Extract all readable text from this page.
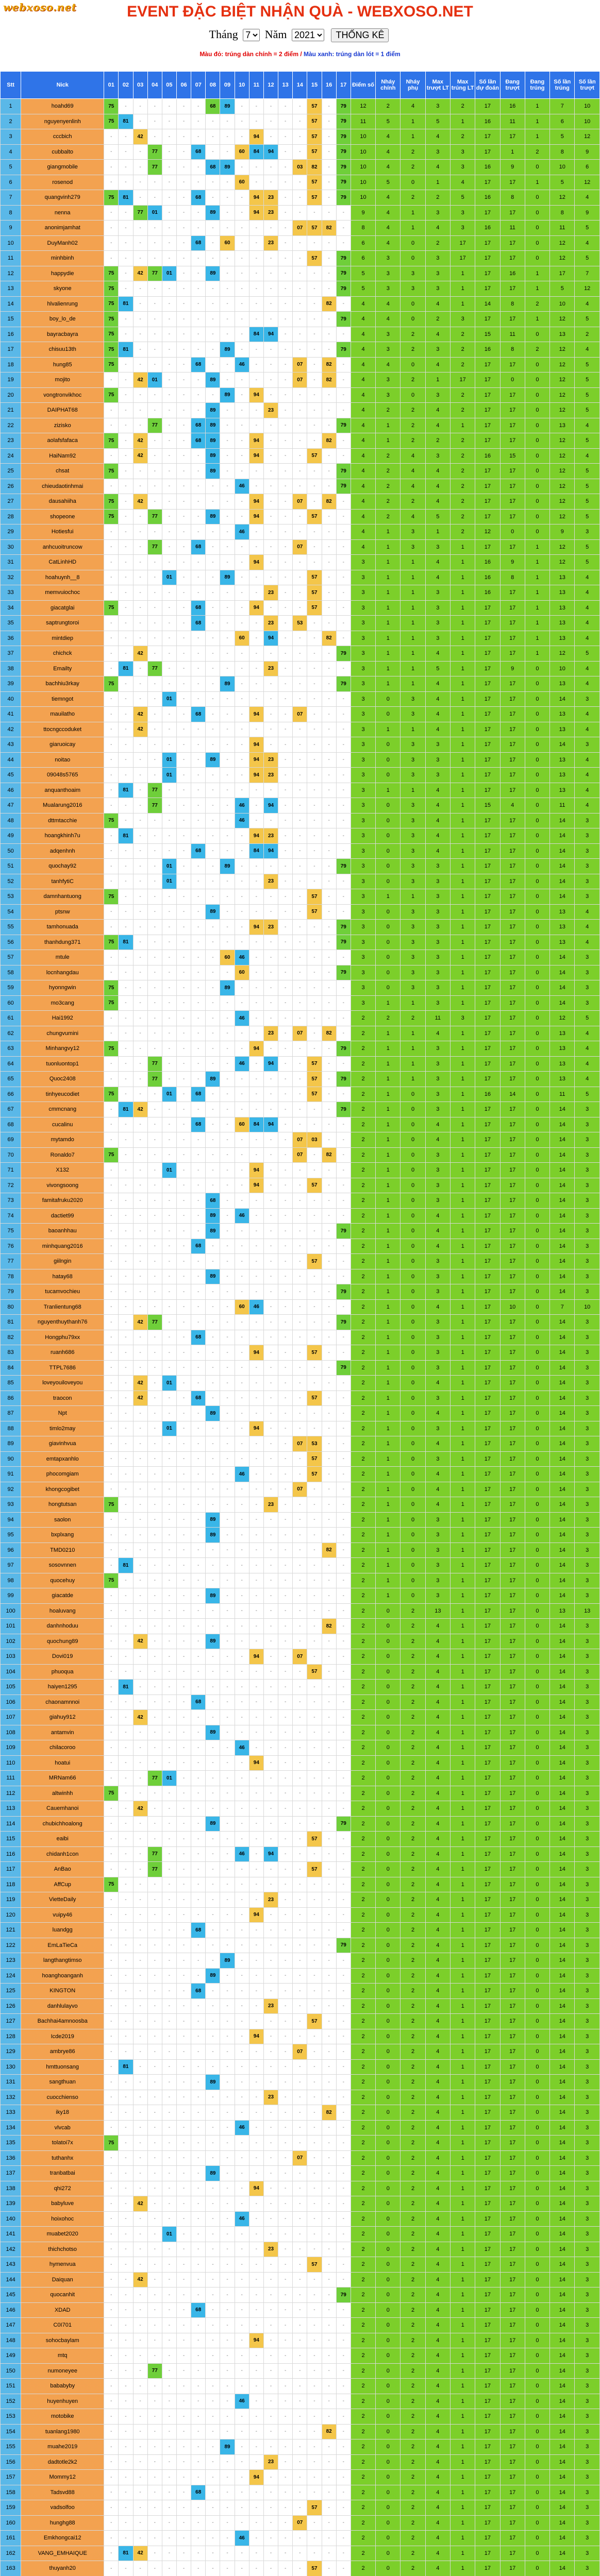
webxoso.net	EVENT ĐẶC BIỆT NHẬN QUÀ - WEBXOSO.NET
Tháng
7 Năm
2021	THỐNG KÊ
Màu đỏ: trúng dàn chính = 2 điểm / Màu xanh: trúng dàn lót = 1 điểm
Stt	Nick	01	02	03	04	05	06	07	08	09	10	11	12	13	14	15	16	17	Điểm số	Nháy chính	Nháy phụ	Max trượt LT	Max trúng LT	Số lần dự đoán	Đang trượt	Đang trúng	Số lần trúng	Số lần trượt
1	hoahd69	75	-	-	-	-	-	-	68	89	-	-	-	-	-	57	-	79	12	2	4	3	2	17	16	1	7	10
2	nguyenyenlinh	75	81	-	-	-	-	-	-	-	-	-	-	-	-	57	-	79	11	5	1	5	1	16	11	1	6	10
3	cccbich	-	-	42	-	-	-	-	-	-	-	94	-	-	-	57	-	79	10	4	1	4	2	17	17	1	5	12
4	cubbalto	-	-	-	77	-	-	68	-	-	60	84	94	-	-	57	-	79	10	4	2	3	3	17	1	2	8	9
5	giangmobile	-	-	-	77	-	-	-	68	89	-	-	-	-	03	82	-	79	10	4	2	4	3	16	9	0	10	6
6	rosenod	-	-	-	-	-	-	-	-	-	60	-	-	-	-	57	-	79	10	5	0	1	4	17	17	1	5	12
7	quangvinh279	75	81	-	-	-	-	68	-	-	-	94	23	-	-	57	-	79	10	4	2	2	5	16	8	0	12	4
8	nenna	-	-	77	01	-	-	-	89	-	-	94	23	-	-	-	-	-	9	4	1	3	3	17	17	0	8	9
9	anonimjamhat	-	-	-	-	-	-	-	-	-	-	-	-	-	07	57	82	-	8	4	1	4	3	16	11	0	11	5
10	DuyManh02	-	-	-	-	-	-	68	-	60	-	-	23	-	-	-	-	-	6	4	0	2	17	17	17	0	12	4
11	minhbinh	-	-	-	-	-	-	-	-	-	-	-	-	-	-	57	-	79	6	3	0	3	17	17	17	0	12	5
12	happydie	75	-	42	77	01	-	-	89	-	-	-	-	-	-	-	-	79	5	3	3	3	1	17	16	1	17	7
13	skyone	75	-	-	-	-	-	-	-	-	-	-	-	-	-	-	-	79	5	3	3	3	1	17	17	1	5	12
14	hlvalienrung	75	81	-	-	-	-	-	-	-	-	-	-	-	-	-	82	-	4	4	0	4	1	14	8	2	10	4
15	boy_lo_de	75	-	-	-	-	-	-	-	-	-	-	-	-	-	-	-	79	4	4	0	2	3	17	17	1	12	5
16	bayracbayra	75	-	-	-	-	-	-	-	-	-	84	94	-	-	-	-	-	4	3	2	4	2	15	11	0	13	2
17	chisuu13th	75	81	-	-	-	-	-	-	89	-	-	-	-	-	-	-	79	4	3	2	3	2	16	8	2	12	4
18	hung85	75	-	-	-	-	-	68	-	-	46	-	-	-	07	-	82	-	4	4	0	4	2	17	17	0	12	5
19	mojito	-	-	42	01	-	-	-	89	-	-	-	-	-	07	-	82	-	4	3	2	1	17	17	0	0	12	5
20	vongtronvikhoc	75	-	-	-	-	-	-	-	89	-	94	-	-	-	-	-	-	4	3	0	3	2	17	17	0	12	5
21	DAIPHAT68	-	-	-	-	-	-	-	89	-	-	-	23	-	-	-	-	-	4	2	2	4	2	17	17	0	12	5
22	zizisko	-	-	-	77	-	-	68	89	-	-	-	-	-	-	-	-	79	4	1	2	4	1	17	17	0	13	4
23	aolafsfafaca	75	-	42	-	-	-	68	89	-	-	94	-	-	-	-	82	-	4	1	2	2	2	17	17	0	12	5
24	HaiNam92	-	-	42	-	-	-	-	89	-	-	94	-	-	-	57	-	-	4	2	4	3	2	16	15	0	12	4
25	chsat	75	-	-	-	-	-	-	89	-	-	-	-	-	-	-	-	79	4	2	4	4	2	17	17	0	12	5
26	chieudaotinhmai	-	-	-	-	-	-	-	-	-	46	-	-	-	-	-	-	79	4	2	4	4	2	17	17	0	12	5
27	dausahiiha	75	-	42	-	-	-	-	-	-	-	94	-	-	07	-	82	-	4	2	2	4	2	17	17	0	12	5
28	shopeone	75	-	-	77	-	-	-	89	-	-	94	-	-	-	57	-	-	4	2	4	5	2	17	17	0	12	5
29	Hotiesfui	-	-	-	-	-	-	-	-	-	46	-	-	-	-	-	-	-	4	1	3	1	2	12	0	0	9	3
30	anhcuoitruncow	-	-	-	77	-	-	68	-	-	-	-	-	-	07	-	-	-	4	1	3	3	1	17	17	1	12	5
31	CatLinhHD	-	-	-	-	-	-	-	-	-	-	94	-	-	-	-	-	-	3	1	1	4	1	16	9	1	12	5
32	hoahuynh__8	-	-	-	-	01	-	-	-	89	-	-	-	-	-	57	-	-	3	1	1	4	1	16	8	1	13	4
33	memvuiochoc	-	-	-	-	-	-	-	-	-	-	-	23	-	-	57	-	-	3	1	1	3	1	16	17	1	13	4
34	giacatglai	75	-	-	-	-	-	68	-	-	-	94	-	-	-	57	-	-	3	1	1	3	1	17	17	1	13	4
35	saptrungtoroi	-	-	-	-	-	-	68	-	-	-	-	23	-	53	-	-	-	3	1	1	3	1	17	17	1	13	4
36	mintdiep	-	-	-	-	-	-	-	-	-	60	-	94	-	-	-	82	-	3	1	1	3	1	17	17	1	13	4
37	chichck	-	-	42	-	-	-	-	-	-	-	-	-	-	-	-	-	79	3	1	1	4	1	17	17	1	12	5
38	Emailty	-	81	-	77	-	-	-	-	-	-	-	23	-	-	-	-	-	3	1	1	5	1	17	9	0	10	4
39	bachhiu3rkay	75	-	-	-	-	-	-	-	89	-	-	-	-	-	-	-	79	3	1	1	4	1	17	17	0	13	4
40	tiemngot	-	-	-	-	01	-	-	-	-	-	-	-	-	-	-	-	-	3	0	3	4	1	17	17	0	14	3
41	mauilatho	-	-	42	-	-	-	68	-	-	-	94	-	-	07	-	-	-	3	0	3	4	1	17	17	0	13	4
42	ttocngccoduket	-	-	42	-	-	-	-	-	-	-	-	-	-	-	-	-	-	3	1	1	4	1	17	17	0	13	4
43	giaruoicay	-	-	-	-	-	-	-	-	-	-	94	-	-	-	-	-	-	3	0	3	3	1	17	17	0	14	3
44	noitao	-	-	-	-	01	-	-	89	-	-	94	23	-	-	-	-	-	3	0	3	3	1	17	17	0	13	4
45	09048s5765	-	-	-	-	01	-	-	-	-	-	94	23	-	-	-	-	-	3	0	3	3	1	17	17	0	13	4
46	anquanthoaim	-	81	-	77	-	-	-	-	-	-	-	-	-	-	-	-	-	3	1	1	4	1	17	17	0	13	4
47	Mualarung2016	-	-	-	77	-	-	-	-	-	46	-	94	-	-	-	-	-	3	0	3	4	1	15	4	0	11	4
48	dttmtacchie	75	-	-	-	-	-	-	-	-	46	-	-	-	-	-	-	-	3	0	3	4	1	17	17	0	14	3
49	hoangkhinh7u	-	81	-	-	-	-	-	-	-	-	94	23	-	-	-	-	-	3	0	3	4	1	17	17	0	14	3
50	adqenhnh	-	-	-	-	-	-	68	-	-	-	84	94	-	-	-	-	-	3	0	3	4	1	17	17	0	14	3
51	quochay92	-	-	-	-	01	-	-	-	89	-	-	-	-	-	-	-	79	3	0	3	3	1	17	17	0	14	3
52	tanhfytiC	-	-	-	-	01	-	-	-	-	-	-	23	-	-	-	-	-	3	0	3	3	1	17	17	0	14	3
53	damnhantuong	75	-	-	-	-	-	-	-	-	-	-	-	-	-	57	-	-	3	1	1	3	1	17	17	0	14	3
54	ptsnw	-	-	-	-	-	-	-	89	-	-	-	-	-	-	57	-	-	3	0	3	3	1	17	17	0	13	4
55	tamhonuada	-	-	-	-	-	-	-	-	-	-	94	23	-	-	-	-	79	3	0	3	3	1	17	17	0	13	4
56	thanhdung371	75	81	-	-	-	-	-	-	-	-	-	-	-	-	-	-	79	3	0	3	3	1	17	17	0	13	4
57	mtule	-	-	-	-	-	-	-	-	60	46	-	-	-	-	-	-	-	3	0	3	3	1	17	17	0	14	3
58	locnhangdau	-	-	-	-	-	-	-	-	-	60	-	-	-	-	-	-	79	3	0	3	3	1	17	17	0	14	3
59	hyonngwin	75	-	-	-	-	-	-	-	89	-	-	-	-	-	-	-	-	3	0	3	3	1	17	17	0	14	3
60	mo3cang	75	-	-	-	-	-	-	-	-	-	-	-	-	-	-	-	-	3	1	1	3	1	17	17	0	14	3
61	Hai1992	-	-	-	-	-	-	-	-	-	46	-	-	-	-	-	-	-	2	2	2	11	3	17	17	0	12	5
62	chungvumini	-	-	-	-	-	-	-	-	-	-	-	23	-	07	-	82	-	2	1	1	4	1	17	17	0	13	4
63	Minhangvy12	75	-	-	-	-	-	-	-	-	-	94	-	-	-	-	-	79	2	1	1	3	1	17	17	0	13	4
64	tuonluontop1	-	-	-	77	-	-	-	-	-	46	-	94	-	-	57	-	-	2	1	1	3	1	17	17	0	13	4
65	Quoc2408	-	-	-	77	-	-	-	89	-	-	-	-	-	-	57	-	79	2	1	1	3	1	17	17	0	13	4
66	tinhyeucodiet	75	-	-	-	01	-	68	-	-	-	-	-	-	-	57	-	-	2	1	0	3	1	16	14	0	11	5
67	cmmcnang	-	81	42	-	-	-	-	-	-	-	-	-	-	-	-	-	79	2	1	0	3	1	17	17	0	14	3
68	cucalinu	-	-	-	-	-	-	68	-	-	60	84	94	-	-	-	-	-	2	1	0	4	1	17	17	0	14	3
69	mytamdo	-	-	-	-	-	-	-	-	-	-	-	-	-	07	03	-	-	2	1	0	4	1	17	17	0	14	3
70	Ronaldo7	75	-	-	-	-	-	-	-	-	-	-	-	-	07	-	82	-	2	1	0	3	1	17	17	0	14	3
71	X132	-	-	-	-	01	-	-	-	-	-	94	-	-	-	-	-	-	2	1	0	3	1	17	17	0	14	3
72	vivongsoong	-	-	-	-	-	-	-	-	-	-	94	-	-	-	57	-	-	2	1	0	3	1	17	17	0	14	3
73	famitafruku2020	-	-	-	-	-	-	-	68	-	-	-	-	-	-	-	-	-	2	1	0	3	1	17	17	0	14	3
74	dactiet99	-	-	-	-	-	-	-	89	-	46	-	-	-	-	-	-	-	2	1	0	4	1	17	17	0	14	3
75	baoanhhau	-	-	-	-	-	-	-	89	-	-	-	-	-	-	-	-	79	2	1	0	4	1	17	17	0	14	3
76	minhquang2016	-	-	-	-	-	-	68	-	-	-	-	-	-	-	-	-	-	2	1	0	4	1	17	17	0	14	3
77	giilngin	-	-	-	-	-	-	-	-	-	-	-	-	-	-	57	-	-	2	1	0	3	1	17	17	0	14	3
78	hatay68	-	-	-	-	-	-	-	89	-	-	-	-	-	-	-	-	-	2	1	0	3	1	17	17	0	14	3
79	tucamvochieu	-	-	-	-	-	-	-	-	-	-	-	-	-	-	-	-	79	2	1	0	3	1	17	17	0	14	3
80	Tranlientung68	-	-	-	-	-	-	-	-	-	60	46	-	-	-	-	-	-	2	1	0	4	1	17	10	0	7	10
81	nguyenthuythanh76	-	-	42	77	-	-	-	-	-	-	-	-	-	-	-	-	79	2	1	0	3	1	17	17	0	14	3
82	Hongphu79xx	-	-	-	-	-	-	68	-	-	-	-	-	-	-	-	-	-	2	1	0	3	1	17	17	0	14	3
83	ruanh686	-	-	-	-	-	-	-	-	-	-	94	-	-	-	57	-	-	2	1	0	3	1	17	17	0	14	3
84	TTPL7686	-	-	-	-	-	-	-	-	-	-	-	-	-	-	-	-	79	2	1	0	3	1	17	17	0	14	3
85	loveyouiloveyou	-	-	42	-	01	-	-	-	-	-	-	-	-	-	-	-	-	2	1	0	4	1	17	17	0	14	3
86	traocon	-	-	42	-	-	-	68	-	-	-	-	-	-	-	57	-	-	2	1	0	3	1	17	17	0	14	3
87	Npt	-	-	-	-	-	-	-	89	-	-	-	-	-	-	-	-	-	2	1	0	4	1	17	17	0	14	3
88	timlo2may	-	-	-	-	01	-	-	-	-	-	94	-	-	-	-	-	-	2	1	0	3	1	17	17	0	14	3
89	giavinhvua	-	-	-	-	-	-	-	-	-	-	-	-	-	07	53	-	-	2	1	0	4	1	17	17	0	14	3
90	emtapxanhlo	-	-	-	-	-	-	-	-	-	-	-	-	-	-	57	-	-	2	1	0	3	1	17	17	0	14	3
91	phocomgiam	-	-	-	-	-	-	-	-	-	46	-	-	-	-	57	-	-	2	1	0	4	1	17	17	0	14	3
92	khongcogibet	-	-	-	-	-	-	-	-	-	-	-	-	-	07	-	-	-	2	1	0	4	1	17	17	0	14	3
93	hongtutsan	75	-	-	-	-	-	-	-	-	-	-	23	-	-	-	-	-	2	1	0	4	1	17	17	0	14	3
94	saolon	-	-	-	-	-	-	-	89	-	-	-	-	-	-	-	-	-	2	1	0	3	1	17	17	0	14	3
95	bxplxang	-	-	-	-	-	-	-	89	-	-	-	-	-	-	-	-	-	2	1	0	3	1	17	17	0	14	3
96	TMD0210	-	-	-	-	-	-	-	-	-	-	-	-	-	-	-	82	-	2	1	0	3	1	17	17	0	14	3
97	sosovnnen	-	81	-	-	-	-	-	-	-	-	-	-	-	-	-	-	-	2	1	0	3	1	17	17	0	14	3
98	quocehuy	75	-	-	-	-	-	-	-	-	-	-	-	-	-	-	-	-	2	1	0	3	1	17	17	0	14	3
99	giacatde	-	-	-	-	-	-	-	89	-	-	-	-	-	-	-	-	-	2	1	0	3	1	17	17	0	14	3
100	hoaluvang	-	-	-	-	-	-	-	-	-	-	-	-	-	-	-	-	-	2	0	2	13	1	17	17	0	13	13
101	danhnhoduu	-	-	-	-	-	-	-	-	-	-	-	-	-	-	-	82	-	2	0	2	4	1	17	17	0	14	3
102	quochung89	-	-	42	-	-	-	-	89	-	-	-	-	-	-	-	-	-	2	0	2	4	1	17	17	0	14	3
103	Dovi019	-	-	-	-	-	-	-	-	-	-	94	-	-	07	-	-	-	2	0	2	4	1	17	17	0	14	3
104	phuoqua	-	-	-	-	-	-	-	-	-	-	-	-	-	-	57	-	-	2	0	2	4	1	17	17	0	14	3
105	haiyen1295	-	81	-	-	-	-	-	-	-	-	-	-	-	-	-	-	-	2	0	2	4	1	17	17	0	14	3
106	chaonamnnoi	-	-	-	-	-	-	68	-	-	-	-	-	-	-	-	-	-	2	0	2	4	1	17	17	0	14	3
107	giahuy912	-	-	42	-	-	-	-	-	-	-	-	-	-	-	-	-	-	2	0	2	4	1	17	17	0	14	3
108	antamvin	-	-	-	-	-	-	-	89	-	-	-	-	-	-	-	-	-	2	0	2	4	1	17	17	0	14	3
109	chilacoroo	-	-	-	-	-	-	-	-	-	46	-	-	-	-	-	-	-	2	0	2	4	1	17	17	0	14	3
110	hoatui	-	-	-	-	-	-	-	-	-	-	94	-	-	-	-	-	-	2	0	2	4	1	17	17	0	14	3
111	MRNam66	-	-	-	77	01	-	-	-	-	-	-	-	-	-	-	-	-	2	0	2	4	1	17	17	0	14	3
112	altwinhh	75	-	-	-	-	-	-	-	-	-	-	-	-	-	-	-	-	2	0	2	4	1	17	17	0	14	3
113	Cauemhanoi	-	-	42	-	-	-	-	-	-	-	-	-	-	-	-	-	-	2	0	2	4	1	17	17	0	14	3
114	chubichhoalong	-	-	-	-	-	-	-	89	-	-	-	-	-	-	-	-	79	2	0	2	4	1	17	17	0	14	3
115	eaibi	-	-	-	-	-	-	-	-	-	-	-	-	-	-	57	-	-	2	0	2	4	1	17	17	0	14	3
116	chidanh1con	-	-	-	77	-	-	-	-	-	46	-	94	-	-	-	-	-	2	0	2	4	1	17	17	0	14	3
117	AnBao	-	-	-	77	-	-	-	-	-	-	-	-	-	-	57	-	-	2	0	2	4	1	17	17	0	14	3
118	AffCup	75	-	-	-	-	-	-	-	-	-	-	-	-	-	-	-	-	2	0	2	4	1	17	17	0	14	3
119	VietteDaily	-	-	-	-	-	-	-	-	-	-	-	23	-	-	-	-	-	2	0	2	4	1	17	17	0	14	3
120	vuipy46	-	-	-	-	-	-	-	-	-	-	94	-	-	-	-	-	-	2	0	2	4	1	17	17	0	14	3
121	luandgg	-	-	-	-	-	-	68	-	-	-	-	-	-	-	-	-	-	2	0	2	4	1	17	17	0	14	3
122	EmLaTieCa	-	-	-	-	-	-	-	-	-	-	-	-	-	-	-	-	79	2	0	2	4	1	17	17	0	14	3
123	langthangtimso	-	-	-	-	-	-	-	-	89	-	-	-	-	-	-	-	-	2	0	2	4	1	17	17	0	14	3
124	hoanghoanganh	-	-	-	-	-	-	-	89	-	-	-	-	-	-	-	-	-	2	0	2	4	1	17	17	0	14	3
125	KINGTON	-	-	-	-	-	-	68	-	-	-	-	-	-	-	-	-	-	2	0	2	4	1	17	17	0	14	3
126	danhlulayvo	-	-	-	-	-	-	-	-	-	-	-	23	-	-	-	-	-	2	0	2	4	1	17	17	0	14	3
127	Bachhai4amnoosba	-	-	-	-	-	-	-	-	-	-	-	-	-	-	57	-	-	2	0	2	4	1	17	17	0	14	3
128	Icde2019	-	-	-	-	-	-	-	-	-	-	94	-	-	-	-	-	-	2	0	2	4	1	17	17	0	14	3
129	ambrye86	-	-	-	-	-	-	-	-	-	-	-	-	-	07	-	-	-	2	0	2	4	1	17	17	0	14	3
130	hmttuonsang	-	81	-	-	-	-	-	-	-	-	-	-	-	-	-	-	-	2	0	2	4	1	17	17	0	14	3
131	sangthuan	-	-	-	-	-	-	-	89	-	-	-	-	-	-	-	-	-	2	0	2	4	1	17	17	0	14	3
132	cuocchienso	-	-	-	-	-	-	-	-	-	-	-	23	-	-	-	-	-	2	0	2	4	1	17	17	0	14	3
133	iky18	-	-	-	-	-	-	-	-	-	-	-	-	-	-	-	82	-	2	0	2	4	1	17	17	0	14	3
134	vlvcab	-	-	-	-	-	-	-	-	-	46	-	-	-	-	-	-	-	2	0	2	4	1	17	17	0	14	3
135	tolatoi7x	75	-	-	-	-	-	-	-	-	-	-	-	-	-	-	-	-	2	0	2	4	1	17	17	0	14	3
136	tuthanhx	-	-	-	-	-	-	-	-	-	-	-	-	-	07	-	-	-	2	0	2	4	1	17	17	0	14	3
137	tranbatbai	-	-	-	-	-	-	-	89	-	-	-	-	-	-	-	-	-	2	0	2	4	1	17	17	0	14	3
138	qhi272	-	-	-	-	-	-	-	-	-	-	94	-	-	-	-	-	-	2	0	2	4	1	17	17	0	14	3
139	babyluve	-	-	42	-	-	-	-	-	-	-	-	-	-	-	-	-	-	2	0	2	4	1	17	17	0	14	3
140	hoixohoc	-	-	-	-	-	-	-	-	-	46	-	-	-	-	-	-	-	2	0	2	4	1	17	17	0	14	3
141	muabet2020	-	-	-	-	01	-	-	-	-	-	-	-	-	-	-	-	-	2	0	2	4	1	17	17	0	14	3
142	thichchotso	-	-	-	-	-	-	-	-	-	-	-	23	-	-	-	-	-	2	0	2	4	1	17	17	0	14	3
143	hymenvua	-	-	-	-	-	-	-	-	-	-	-	-	-	-	57	-	-	2	0	2	4	1	17	17	0	14	3
144	Daiquan	-	-	42	-	-	-	-	-	-	-	-	-	-	-	-	-	-	2	0	2	4	1	17	17	0	14	3
145	quocanhit	-	-	-	-	-	-	-	-	-	-	-	-	-	-	-	-	79	2	0	2	4	1	17	17	0	14	3
146	XDAD	-	-	-	-	-	-	68	-	-	-	-	-	-	-	-	-	-	2	0	2	4	1	17	17	0	14	3
147	C0I701	-	-	-	-	-	-	-	-	-	-	-	-	-	-	-	-	-	2	0	2	4	1	17	17	0	14	3
148	sohocbaylam	-	-	-	-	-	-	-	-	-	-	94	-	-	-	-	-	-	2	0	2	4	1	17	17	0	14	3
149	mtq	-	-	-	-	-	-	-	-	-	-	-	-	-	-	-	-	-	2	0	2	4	1	17	17	0	14	3
150	numoneyee	-	-	-	77	-	-	-	-	-	-	-	-	-	-	-	-	-	2	0	2	4	1	17	17	0	14	3
151	bababyby	-	-	-	-	-	-	-	-	-	-	-	-	-	-	-	-	-	2	0	2	4	1	17	17	0	14	3
152	huyenhuyen	-	-	-	-	-	-	-	-	-	46	-	-	-	-	-	-	-	2	0	2	4	1	17	17	0	14	3
153	motobike	-	-	-	-	-	-	-	-	-	-	-	-	-	-	-	-	-	2	0	2	4	1	17	17	0	14	3
154	tuanlang1980	-	-	-	-	-	-	-	-	-	-	-	-	-	-	-	82	-	2	0	2	4	1	17	17	0	14	3
155	muahe2019	-	-	-	-	-	-	-	-	89	-	-	-	-	-	-	-	-	2	0	2	4	1	17	17	0	14	3
156	dadtotle2k2	-	-	-	-	-	-	-	-	-	-	-	23	-	-	-	-	-	2	0	2	4	1	17	17	0	14	3
157	Mommy12	-	-	-	-	-	-	-	-	-	-	94	-	-	-	-	-	-	2	0	2	4	1	17	17	0	14	3
158	Tadsvd88	-	-	-	-	-	-	68	-	-	-	-	-	-	-	-	-	-	2	0	2	4	1	17	17	0	14	3
159	vadsolfoo	-	-	-	-	-	-	-	-	-	-	-	-	-	-	57	-	-	2	0	2	4	1	17	17	0	14	3
160	hunghg88	-	-	-	-	-	-	-	-	-	-	-	-	-	07	-	-	-	2	0	2	4	1	17	17	0	14	3
161	Emkhongcai12	-	-	-	-	-	-	-	-	-	46	-	-	-	-	-	-	-	2	0	2	4	1	17	17	0	14	3
162	VANG_EMHAIQUE	-	81	42	-	-	-	-	-	-	-	-	-	-	-	-	-	-	2	0	2	4	1	17	17	0	14	3
163	thuyanh20	-	-	-	-	-	-	-	-	-	-	-	-	-	-	57	-	-	2	0	2	4	1	17	17	0	14	3
